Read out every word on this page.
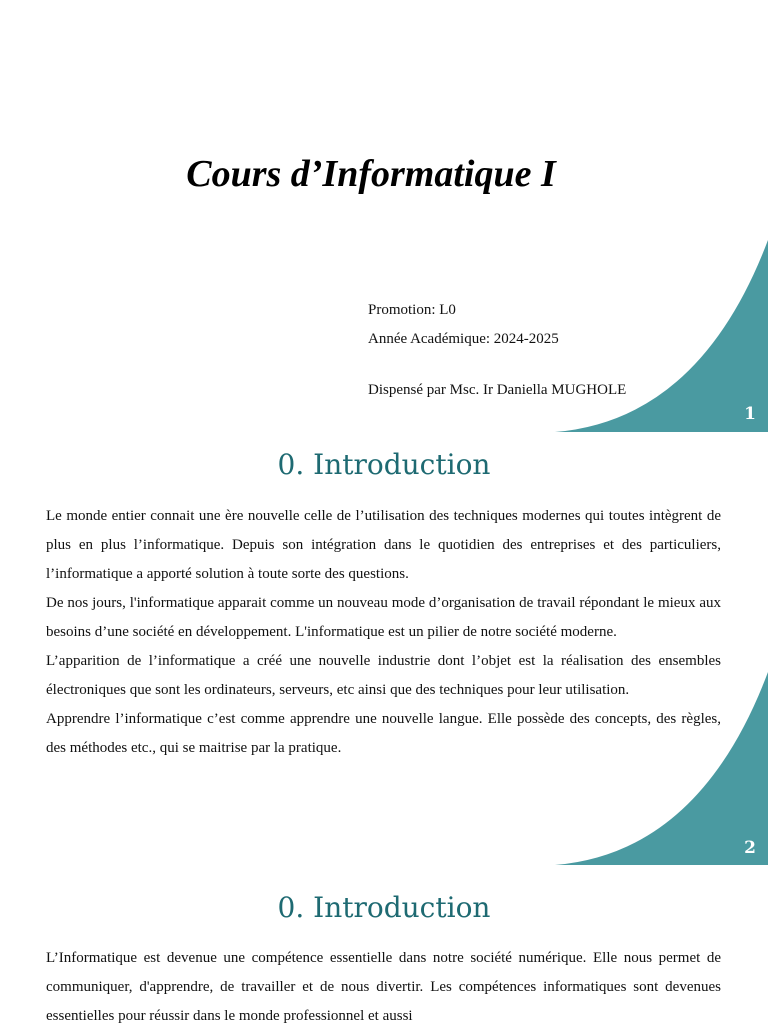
Cours d’Informatique I

Promotion: L0

Année Académique: 2024-2025

Dispensé par Msc. Ir Daniella MUGHOLE

1
0. Introduction

Le monde entier connait une ère nouvelle celle de l’utilisation des techniques modernes qui toutes intègrent de plus en plus l’informatique. Depuis son intégration dans le quotidien des entreprises et des particuliers, l’informatique a apporté solution à toute sorte des questions.

De nos jours, l'informatique apparait comme un nouveau mode d’organisation de travail répondant le mieux aux besoins d’une société en développement. L'informatique est un pilier de notre société moderne.

L’apparition de l’informatique a créé une nouvelle industrie dont l’objet est la réalisation des ensembles électroniques que sont les ordinateurs, serveurs, etc ainsi que des techniques pour leur utilisation.

Apprendre l’informatique c’est comme apprendre une nouvelle langue. Elle possède des concepts, des règles, des méthodes etc., qui se maitrise par la pratique.

2
0. Introduction

L’Informatique est devenue une compétence essentielle dans notre société numérique. Elle nous permet de communiquer, d'apprendre, de travailler et de nous divertir. Les compétences informatiques sont devenues essentielles pour réussir dans le monde professionnel et aussi
